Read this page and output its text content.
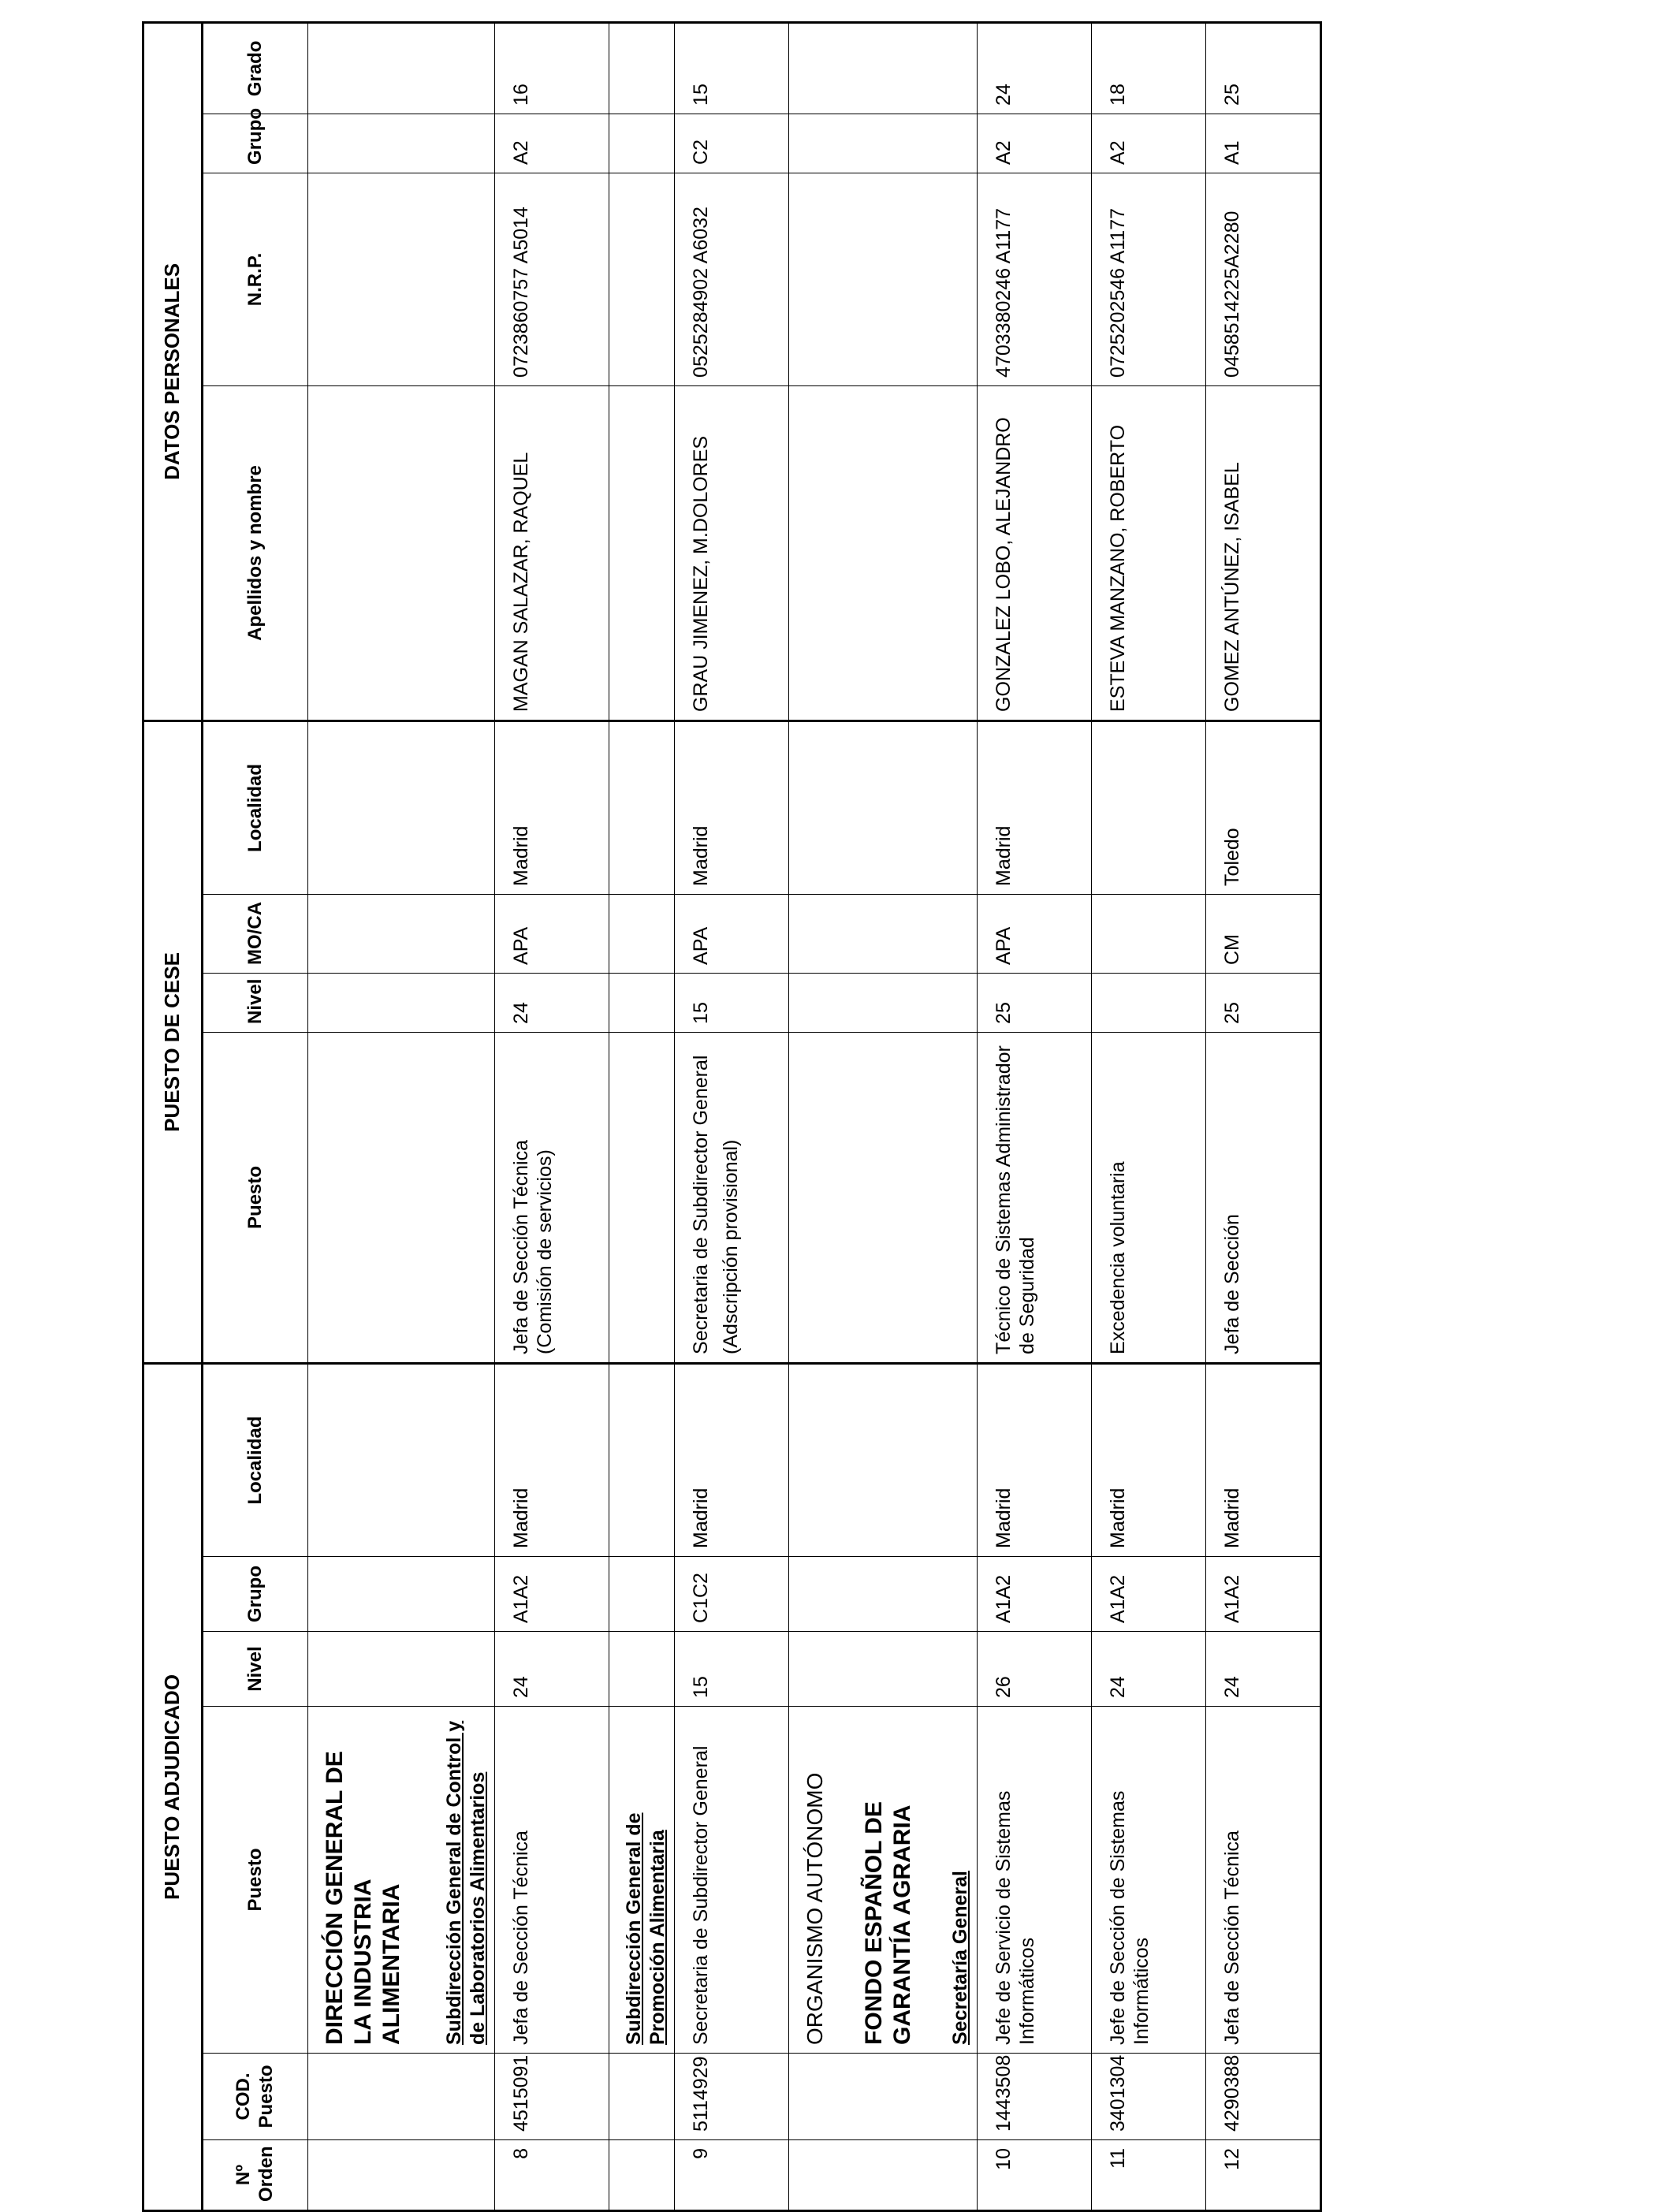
PUESTO ADJUDICADO						PUESTO DE CESE				DATOS PERSONALES			
Nº Orden	COD. Puesto	Puesto	Nivel	Grupo	Localidad	Puesto	Nivel	MO/CA	Localidad	Apellidos y nombre	N.R.P.	Grupo	Grado

		DIRECCIÓN GENERAL DE LA INDUSTRIA ALIMENTARIA Subdirección General de Control y de Laboratorios Alimentarios											

8	4515091	Jefa de Sección Técnica	24	A1A2	Madrid	Jefa de Sección Técnica (Comisión de servicios)	24	APA	Madrid	MAGAN SALAZAR, RAQUEL	0723860757 A5014	A2	16

		Subdirección General de Promoción Alimentaria											

9	5114929	Secretaria de Subdirector General	15	C1C2	Madrid	Secretaria de Subdirector General (Adscripción provisional)	15	APA	Madrid	GRAU JIMENEZ, M.DOLORES	0525284902 A6032	C2	15

		ORGANISMO AUTÓNOMO FONDO ESPAÑOL DE GARANTÍA AGRARIA Secretaría General											

10	1443508	Jefe de Servicio de Sistemas Informáticos	26	A1A2	Madrid	Técnico de Sistemas Administrador de Seguridad	25	APA	Madrid	GONZALEZ LOBO, ALEJANDRO	4703380246 A1177	A2	24
11	3401304	Jefe de Sección de Sistemas Informáticos	24	A1A2	Madrid	Excedencia voluntaria				ESTEVA MANZANO, ROBERTO	0725202546 A1177	A2	18
12	4290388	Jefa de Sección Técnica	24	A1A2	Madrid	Jefa de Sección	25	CM	Toledo	GOMEZ ANTÚNEZ, ISABEL	0458514225A2280	A1	25
